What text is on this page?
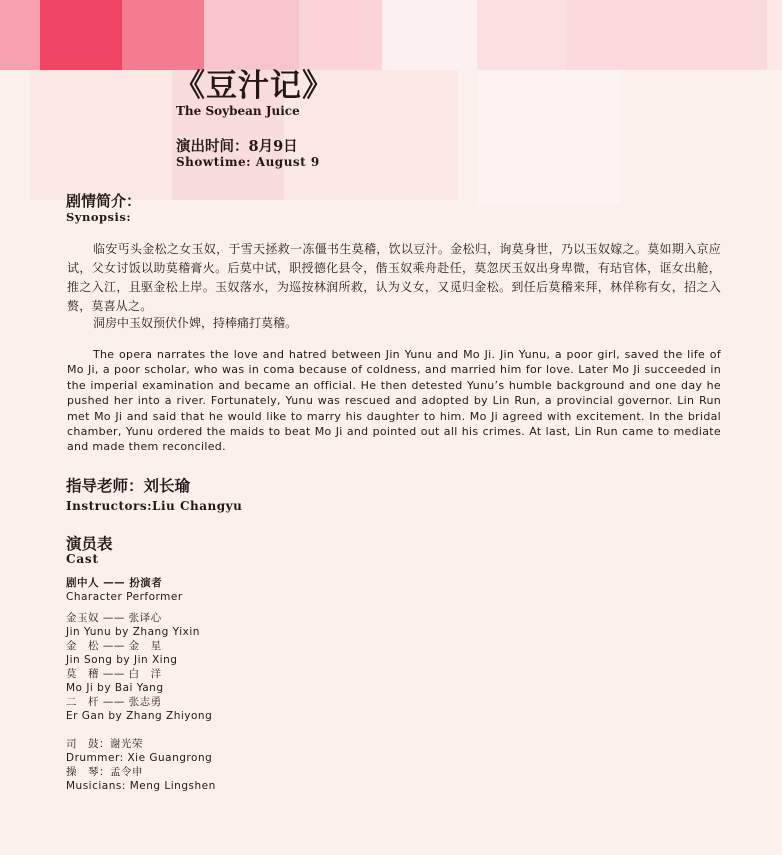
《豆汁记》
The Soybean Juice
演出时间：8月9日
Showtime: August 9
剧情简介：
Synopsis:

临安丐头金松之女玉奴，于雪天拯救一冻僵书生莫稽，饮以豆汁。金松归，询莫身世，乃以玉奴嫁之。莫如期入京应试，父女讨饭以助莫稽膏火。后莫中试，职授德化县令，偕玉奴乘舟赴任，莫忽厌玉奴出身卑微，有玷官体，诓女出舱，推之入江，且驱金松上岸。玉奴落水，为巡按林润所救，认为义女，又觅归金松。到任后莫稽来拜，林佯称有女，招之入赘，莫喜从之。

洞房中玉奴预伏仆婢，持棒痛打莫稽。

The opera narrates the love and hatred between Jin Yunu and Mo Ji. Jin Yunu, a poor girl, saved the life of Mo Ji, a poor scholar, who was in coma because of coldness, and married him for love. Later Mo Ji succeeded in the imperial examination and became an official. He then detested Yunu’s humble background and one day he pushed her into a river. Fortunately, Yunu was rescued and adopted by Lin Run, a provincial governor. Lin Run met Mo Ji and said that he would like to marry his daughter to him. Mo Ji agreed with excitement. In the bridal chamber, Yunu ordered the maids to beat Mo Ji and pointed out all his crimes. At last, Lin Run came to mediate and made them reconciled.

指导老师：刘长瑜
Instructors:Liu Changyu
演员表
Cast
剧中人 —— 扮演者
Character Performer
金玉奴 —— 张译心
Jin Yunu by Zhang Yixin
金　松 —— 金　星
Jin Song by Jin Xing
莫　稽 —— 白　洋
Mo Ji by Bai Yang
二　杆 —— 张志勇
Er Gan by Zhang Zhiyong
司　鼓：谢光荣
Drummer: Xie Guangrong
操　琴：孟令申
Musicians: Meng Lingshen
